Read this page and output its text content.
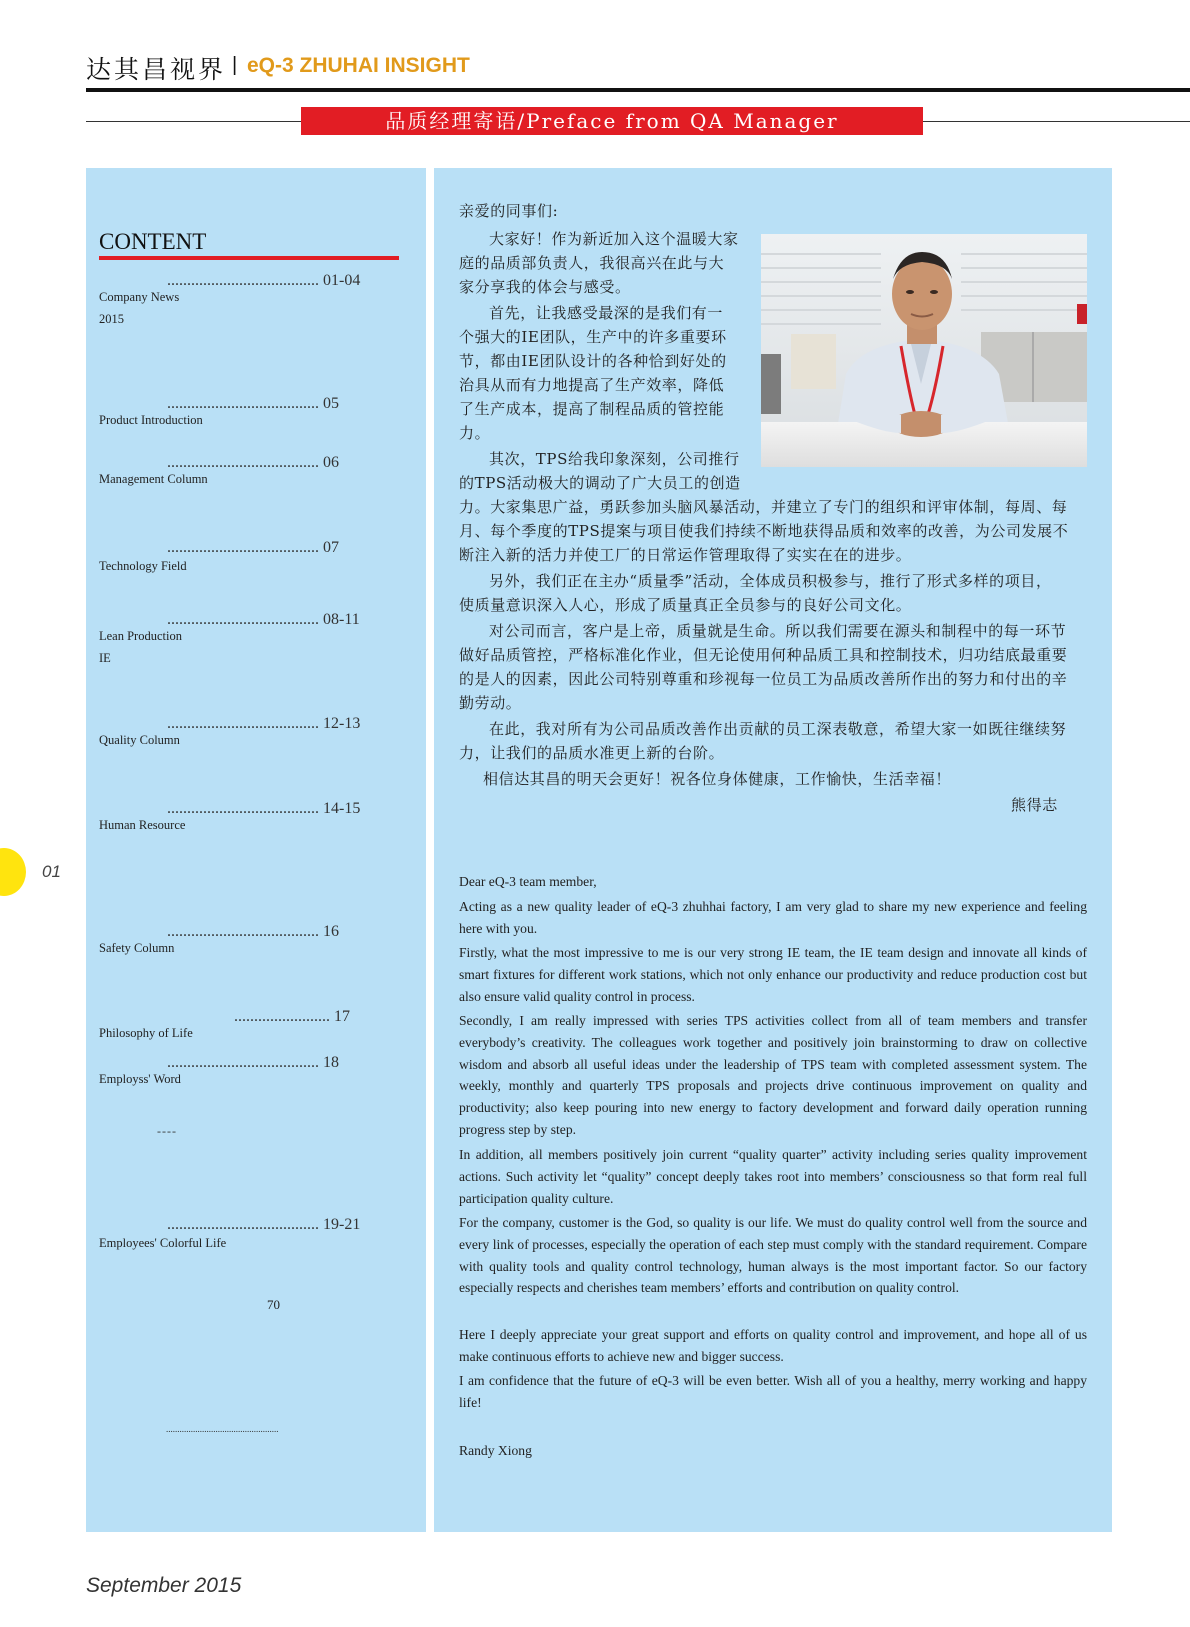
达其昌视界 | eQ-3 ZHUHAI INSIGHT
品质经理寄语/Preface from QA Manager
CONTENT
...................................... 01-04
Company News
2015
...................................... 05
Product Introduction
...................................... 06
Management Column
...................................... 07
Technology Field
...................................... 08-11
Lean Production
IE
...................................... 12-13
Quality Column
...................................... 14-15
Human Resource
...................................... 16
Safety Column
........................ 17
Philosophy of Life
...................................... 18
Employss' Word
----
...................................... 19-21
Employees' Colorful Life
70
..................................................
01
September 2015
亲爱的同事们:
大家好！作为新近加入这个温暖大家
庭的品质部负责人，我很高兴在此与大
家分享我的体会与感受。
首先，让我感受最深的是我们有一
个强大的IE团队，生产中的许多重要环
节，都由IE团队设计的各种恰到好处的
治具从而有力地提高了生产效率，降低
了生产成本，提高了制程品质的管控能
力。
其次，TPS给我印象深刻，公司推行
的TPS活动极大的调动了广大员工的创造
力。大家集思广益，勇跃参加头脑风暴活动，并建立了专门的组织和评审体制，每周、每
月、每个季度的TPS提案与项目使我们持续不断地获得品质和效率的改善，为公司发展不
断注入新的活力并使工厂的日常运作管理取得了实实在在的进步。
另外，我们正在主办“质量季”活动，全体成员积极参与，推行了形式多样的项目，
使质量意识深入人心，形成了质量真正全员参与的良好公司文化。
对公司而言，客户是上帝，质量就是生命。所以我们需要在源头和制程中的每一环节
做好品质管控，严格标准化作业，但无论使用何种品质工具和控制技术，归功结底最重要
的是人的因素，因此公司特别尊重和珍视每一位员工为品质改善所作出的努力和付出的辛
勤劳动。
在此，我对所有为公司品质改善作出贡献的员工深表敬意，希望大家一如既往继续努
力，让我们的品质水准更上新的台阶。
相信达其昌的明天会更好！祝各位身体健康，工作愉快，生活幸福！
熊得志
Dear eQ-3 team member,
Acting as a new quality leader of eQ-3 zhuhhai factory, I am very glad to share my new experience and feeling here with you.
Firstly, what the most impressive to me is our very strong IE team, the IE team design and innovate all kinds of smart fixtures for different work stations, which not only enhance our productivity and reduce production cost but also ensure valid quality control in process.
Secondly, I am really impressed with series TPS activities collect from all of team members and transfer everybody’s creativity. The colleagues work together and positively join brainstorming to draw on collective wisdom and absorb all useful ideas under the leadership of TPS team with completed assessment system. The weekly, monthly and quarterly TPS proposals and projects drive continuous improvement on quality and productivity; also keep pouring into new energy to factory development and forward daily operation running progress step by step.
In addition, all members positively join current “quality quarter” activity including series quality improvement actions. Such activity let “quality” concept deeply takes root into members’ consciousness so that form real full participation quality culture.
For the company, customer is the God, so quality is our life. We must do quality control well from the source and every link of processes, especially the operation of each step must comply with the standard requirement. Compare with quality tools and quality control technology, human always is the most important factor. So our factory especially respects and cherishes team members’ efforts and contribution on quality control.
Here I deeply appreciate your great support and efforts on quality control and improvement, and hope all of us make continuous efforts to achieve new and bigger success.
I am confidence that the future of eQ-3 will be even better. Wish all of you a healthy, merry working and happy life!
Randy Xiong
